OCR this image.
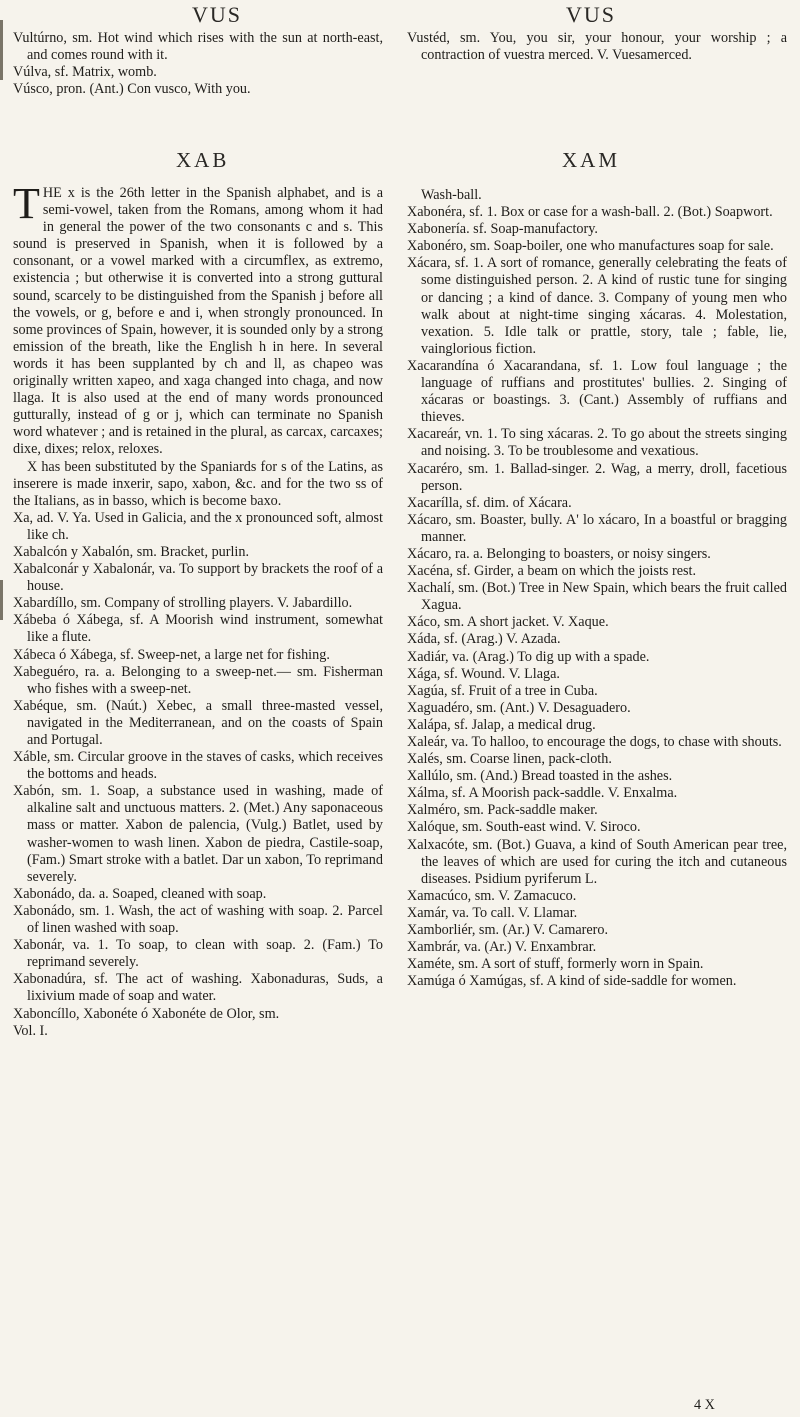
VUS	VUS

Vultúrno, sm. Hot wind which rises with the sun at north-east, and comes round with it.

Vúlva, sf. Matrix, womb.

Vúsco, pron. (Ant.) Con vusco, With you.

Vustéd, sm. You, you sir, your honour, your worship ; a contraction of vuestra merced. V. Vuesamerced.

XAB	XAM

THE x is the 26th letter in the Spanish alphabet, and is a semi-vowel, taken from the Romans, among whom it had in general the power of the two consonants c and s. This sound is preserved in Spanish, when it is followed by a consonant, or a vowel marked with a circumflex, as extremo, existencia ; but otherwise it is converted into a strong guttural sound, scarcely to be distinguished from the Spanish j before all the vowels, or g, before e and i, when strongly pronounced. In some provinces of Spain, however, it is sounded only by a strong emission of the breath, like the English h in here. In several words it has been supplanted by ch and ll, as chapeo was originally written xapeo, and xaga changed into chaga, and now llaga. It is also used at the end of many words pronounced gutturally, instead of g or j, which can terminate no Spanish word whatever ; and is retained in the plural, as carcax, carcaxes; dixe, dixes; relox, reloxes.

X has been substituted by the Spaniards for s of the Latins, as inserere is made inxerir, sapo, xabon, &c. and for the two ss of the Italians, as in basso, which is become baxo.

Xa, ad. V. Ya. Used in Galicia, and the x pronounced soft, almost like ch.

Xabalcón y Xabalón, sm. Bracket, purlin.

Xabalconár y Xabalonár, va. To support by brackets the roof of a house.

Xabardíllo, sm. Company of strolling players. V. Jabardillo.

Xábeba ó Xábega, sf. A Moorish wind instrument, somewhat like a flute.

Xábeca ó Xábega, sf. Sweep-net, a large net for fishing.

Xabeguéro, ra. a. Belonging to a sweep-net.— sm. Fisherman who fishes with a sweep-net.

Xabéque, sm. (Naút.) Xebec, a small three-masted vessel, navigated in the Mediterranean, and on the coasts of Spain and Portugal.

Xáble, sm. Circular groove in the staves of casks, which receives the bottoms and heads.

Xabón, sm. 1. Soap, a substance used in washing, made of alkaline salt and unctuous matters. 2. (Met.) Any saponaceous mass or matter. Xabon de palencia, (Vulg.) Batlet, used by washer-women to wash linen. Xabon de piedra, Castile-soap, (Fam.) Smart stroke with a batlet. Dar un xabon, To reprimand severely.

Xabonádo, da. a. Soaped, cleaned with soap.

Xabonádo, sm. 1. Wash, the act of washing with soap. 2. Parcel of linen washed with soap.

Xabonár, va. 1. To soap, to clean with soap. 2. (Fam.) To reprimand severely.

Xabonadúra, sf. The act of washing. Xabonaduras, Suds, a lixivium made of soap and water.

Xaboncíllo, Xabonéte ó Xabonéte de Olor, sm.

Vol. I.

Wash-ball.

Xabonéra, sf. 1. Box or case for a wash-ball. 2. (Bot.) Soapwort.

Xabonería. sf. Soap-manufactory.

Xabonéro, sm. Soap-boiler, one who manufactures soap for sale.

Xácara, sf. 1. A sort of romance, generally celebrating the feats of some distinguished person. 2. A kind of rustic tune for singing or dancing ; a kind of dance. 3. Company of young men who walk about at night-time singing xácaras. 4. Molestation, vexation. 5. Idle talk or prattle, story, tale ; fable, lie, vainglorious fiction.

Xacarandína ó Xacarandana, sf. 1. Low foul language ; the language of ruffians and prostitutes' bullies. 2. Singing of xácaras or boastings. 3. (Cant.) Assembly of ruffians and thieves.

Xacareár, vn. 1. To sing xácaras. 2. To go about the streets singing and noising. 3. To be troublesome and vexatious.

Xacaréro, sm. 1. Ballad-singer. 2. Wag, a merry, droll, facetious person.

Xacarílla, sf. dim. of Xácara.

Xácaro, sm. Boaster, bully. A' lo xácaro, In a boastful or bragging manner.

Xácaro, ra. a. Belonging to boasters, or noisy singers.

Xacéna, sf. Girder, a beam on which the joists rest.

Xachalí, sm. (Bot.) Tree in New Spain, which bears the fruit called Xagua.

Xáco, sm. A short jacket. V. Xaque.

Xáda, sf. (Arag.) V. Azada.

Xadiár, va. (Arag.) To dig up with a spade.

Xága, sf. Wound. V. Llaga.

Xagúa, sf. Fruit of a tree in Cuba.

Xaguadéro, sm. (Ant.) V. Desaguadero.

Xalápa, sf. Jalap, a medical drug.

Xaleár, va. To halloo, to encourage the dogs, to chase with shouts.

Xalés, sm. Coarse linen, pack-cloth.

Xallúlo, sm. (And.) Bread toasted in the ashes.

Xálma, sf. A Moorish pack-saddle. V. Enxalma.

Xalméro, sm. Pack-saddle maker.

Xalóque, sm. South-east wind. V. Siroco.

Xalxacóte, sm. (Bot.) Guava, a kind of South American pear tree, the leaves of which are used for curing the itch and cutaneous diseases. Psidium pyriferum L.

Xamacúco, sm. V. Zamacuco.

Xamár, va. To call. V. Llamar.

Xamborliér, sm. (Ar.) V. Camarero.

Xambrár, va. (Ar.) V. Enxambrar.

Xaméte, sm. A sort of stuff, formerly worn in Spain.

Xamúga ó Xamúgas, sf. A kind of side-saddle for women.

4 X
